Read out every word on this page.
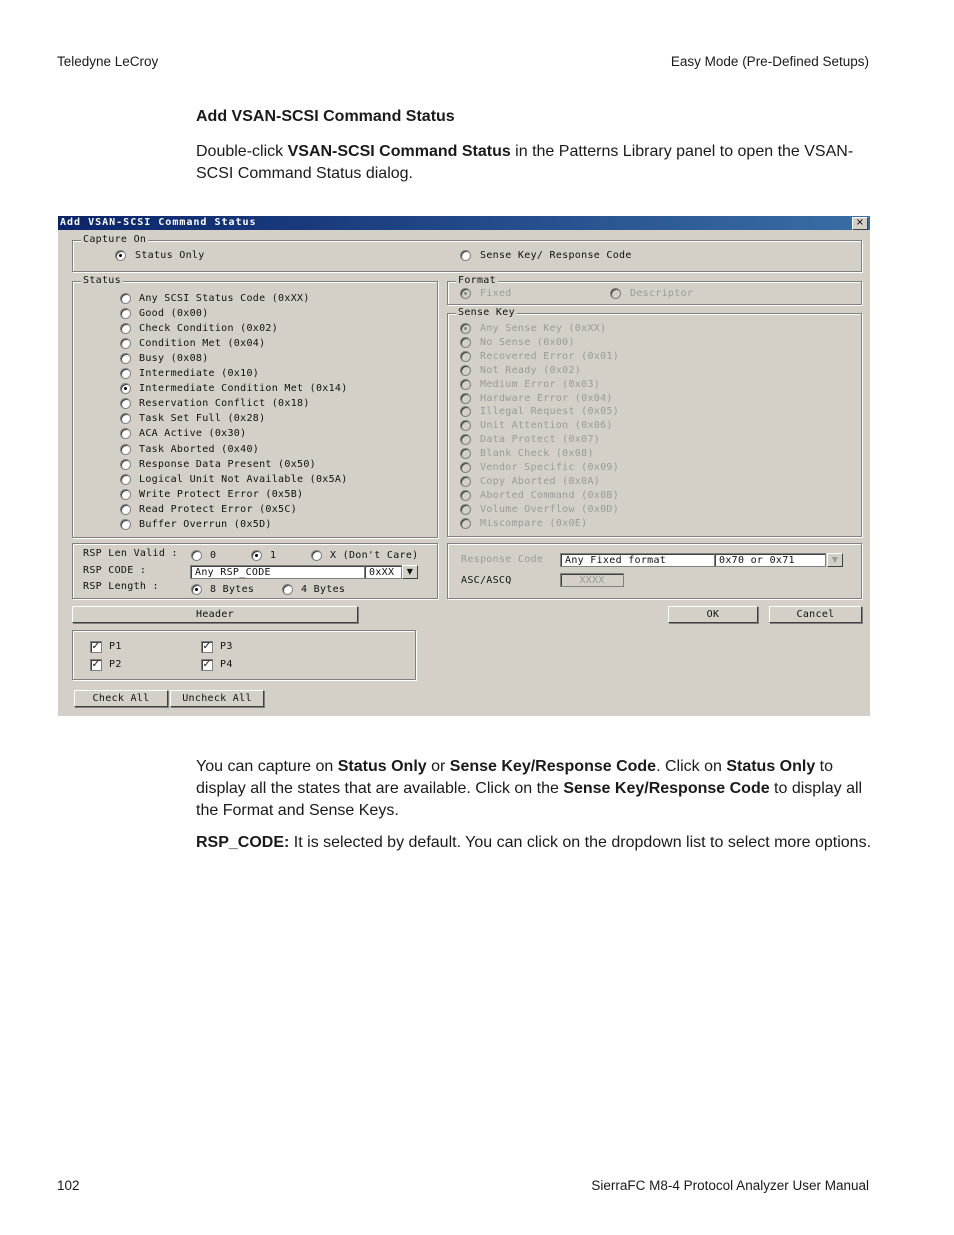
Teledyne LeCroy	Easy Mode (Pre-Defined Setups)
Add VSAN-SCSI Command Status
Double-click VSAN-SCSI Command Status in the Patterns Library panel to open the VSAN-SCSI Command Status dialog.
Add VSAN-SCSI Command Status	×
Capture On
Status Only	Sense Key/ Response Code
Status	Format
Fixed	Descriptor
Sense Key
RSP Len Valid :	0	1	X (Don't Care)
RSP CODE :	Any RSP_CODE	0xXX	▼
RSP Length :	8 Bytes	4 Bytes
Response Code	Any Fixed format	0x70 or 0x71	▼
ASC/ASCQ	XXXX
Header	OK	Cancel
✓ P1	✓ P3
✓ P2	✓ P4
Check All	Uncheck All
Any SCSI Status Code (0xXX)
Good (0x00)
Check Condition (0x02)
Condition Met (0x04)
Busy (0x08)
Intermediate (0x10)
Intermediate Condition Met (0x14)
Reservation Conflict (0x18)
Task Set Full (0x28)
ACA Active (0x30)
Task Aborted (0x40)
Response Data Present (0x50)
Logical Unit Not Available (0x5A)
Write Protect Error (0x5B)
Read Protect Error (0x5C)
Buffer Overrun (0x5D)
Any Sense Key (0xXX)
No Sense (0x00)
Recovered Error (0x01)
Not Ready (0x02)
Medium Error (0x03)
Hardware Error (0x04)
Illegal Request (0x05)
Unit Attention (0x06)
Data Protect (0x07)
Blank Check (0x08)
Vendor Specific (0x09)
Copy Aborted (0x0A)
Aborted Command (0x0B)
Volume Overflow (0x0D)
Miscompare (0x0E)
You can capture on Status Only or Sense Key/Response Code. Click on Status Only to display all the states that are available. Click on the Sense Key/Response Code to display all the Format and Sense Keys.
RSP_CODE: It is selected by default. You can click on the dropdown list to select more options.
102	SierraFC M8-4 Protocol Analyzer User Manual
